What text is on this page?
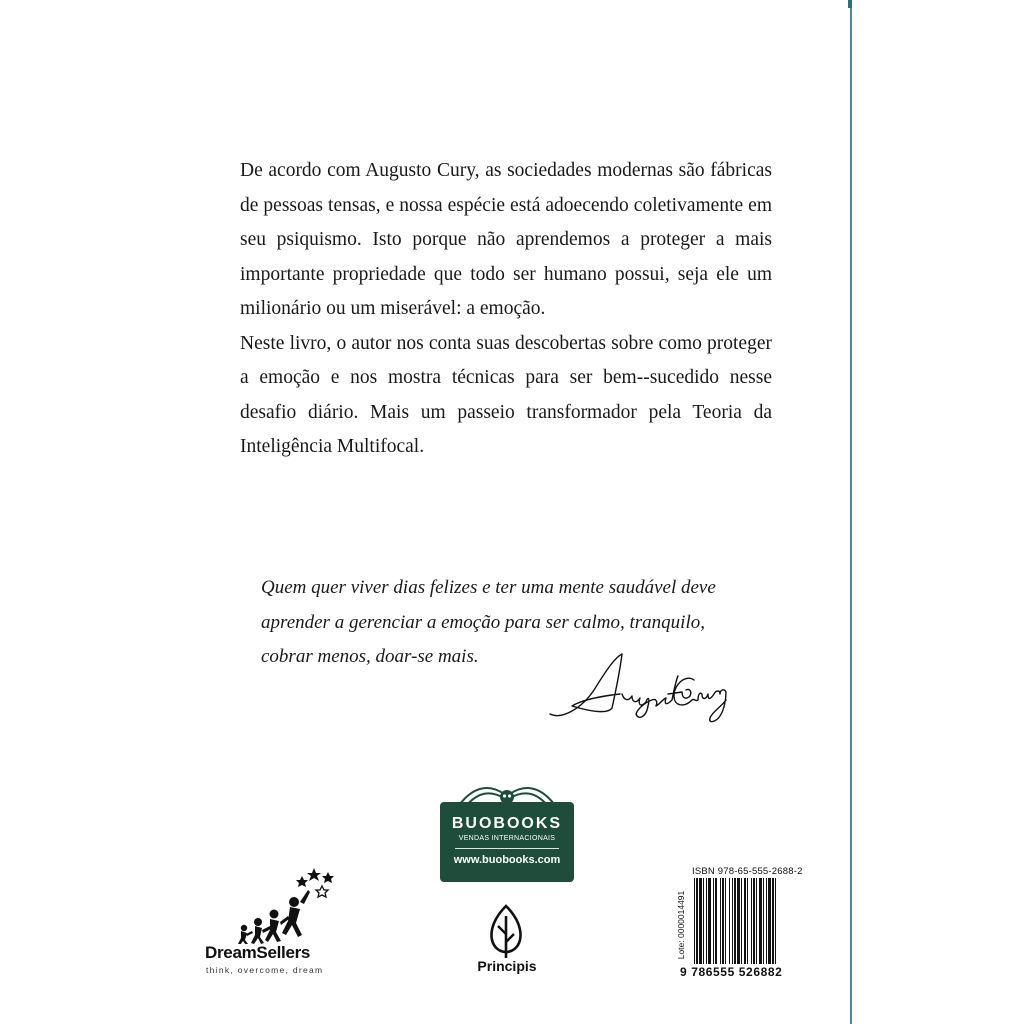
De acordo com Augusto Cury, as sociedades modernas são fábricas de pessoas tensas, e nossa espécie está adoecendo coletivamente em seu psiquismo. Isto porque não aprendemos a proteger a mais importante propriedade que todo ser humano possui, seja ele um milionário ou um miserável: a emoção.

Neste livro, o autor nos conta suas descobertas sobre como proteger a emoção e nos mostra técnicas para ser bem--sucedido nesse desafio diário. Mais um passeio transformador pela Teoria da Inteligência Multifocal.

Quem quer viver dias felizes e ter uma mente saudável deve
aprender a gerenciar a emoção para ser calmo, tranquilo,
cobrar menos, doar-se mais.	Augusto Cury
BUOBOOKS
VENDAS INTERNACIONAIS
www.buobooks.com
DreamSellers
think, overcome, dream	Principis
ISBN 978-65-555-2688-2
Lote: 0000014491
9 786555 526882
